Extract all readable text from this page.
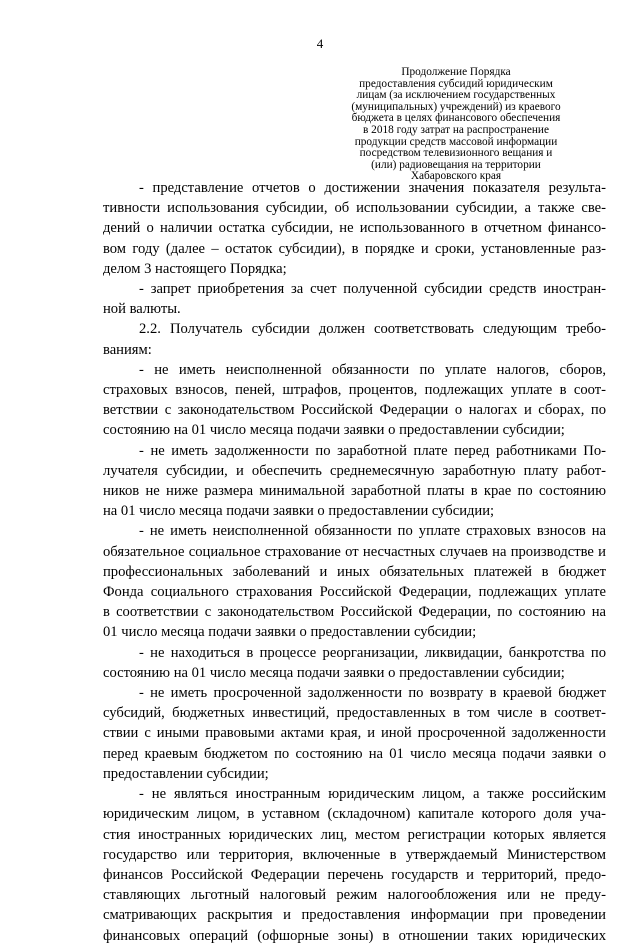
4
Продолжение Порядка
предоставления субсидий юридическим
лицам (за исключением государственных
(муниципальных) учреждений) из краевого
бюджета в целях финансового обеспечения
в 2018 году затрат на распространение
продукции средств массовой информации
посредством телевизионного вещания и
(или) радиовещания на территории
Хабаровского края
- представление отчетов о достижении значения показателя результа-
тивности использования субсидии, об использовании субсидии, а также све-
дений о наличии остатка субсидии, не использованного в отчетном финансо-
вом году (далее – остаток субсидии), в порядке и сроки, установленные раз-
делом 3 настоящего Порядка;
- запрет приобретения за счет полученной субсидии средств иностран-
ной валюты.
2.2. Получатель субсидии должен соответствовать следующим требо-
ваниям:
- не иметь неисполненной обязанности по уплате налогов, сборов,
страховых взносов, пеней, штрафов, процентов, подлежащих уплате в соот-
ветствии с законодательством Российской Федерации о налогах и сборах, по
состоянию на 01 число месяца подачи заявки о предоставлении субсидии;
- не иметь задолженности по заработной плате перед работниками По-
лучателя субсидии, и обеспечить среднемесячную заработную плату работ-
ников не ниже размера минимальной заработной платы в крае по состоянию
на 01 число месяца подачи заявки о предоставлении субсидии;
- не иметь неисполненной обязанности по уплате страховых взносов на
обязательное социальное страхование от несчастных случаев на производстве и
профессиональных заболеваний и иных обязательных платежей в бюджет
Фонда социального страхования Российской Федерации, подлежащих уплате
в соответствии с законодательством Российской Федерации, по состоянию на
01 число месяца подачи заявки о предоставлении субсидии;
- не находиться в процессе реорганизации, ликвидации, банкротства по
состоянию на 01 число месяца подачи заявки о предоставлении субсидии;
- не иметь просроченной задолженности по возврату в краевой бюджет
субсидий, бюджетных инвестиций, предоставленных в том числе в соответ-
ствии с иными правовыми актами края, и иной просроченной задолженности
перед краевым бюджетом по состоянию на 01 число месяца подачи заявки о
предоставлении субсидии;
- не являться иностранным юридическим лицом, а также российским
юридическим лицом, в уставном (складочном) капитале которого доля уча-
стия иностранных юридических лиц, местом регистрации которых является
государство или территория, включенные в утверждаемый Министерством
финансов Российской Федерации перечень государств и территорий, предо-
ставляющих льготный налоговый режим налогообложения или не преду-
сматривающих раскрытия и предоставления информации при проведении
финансовых операций (офшорные зоны) в отношении таких юридических
